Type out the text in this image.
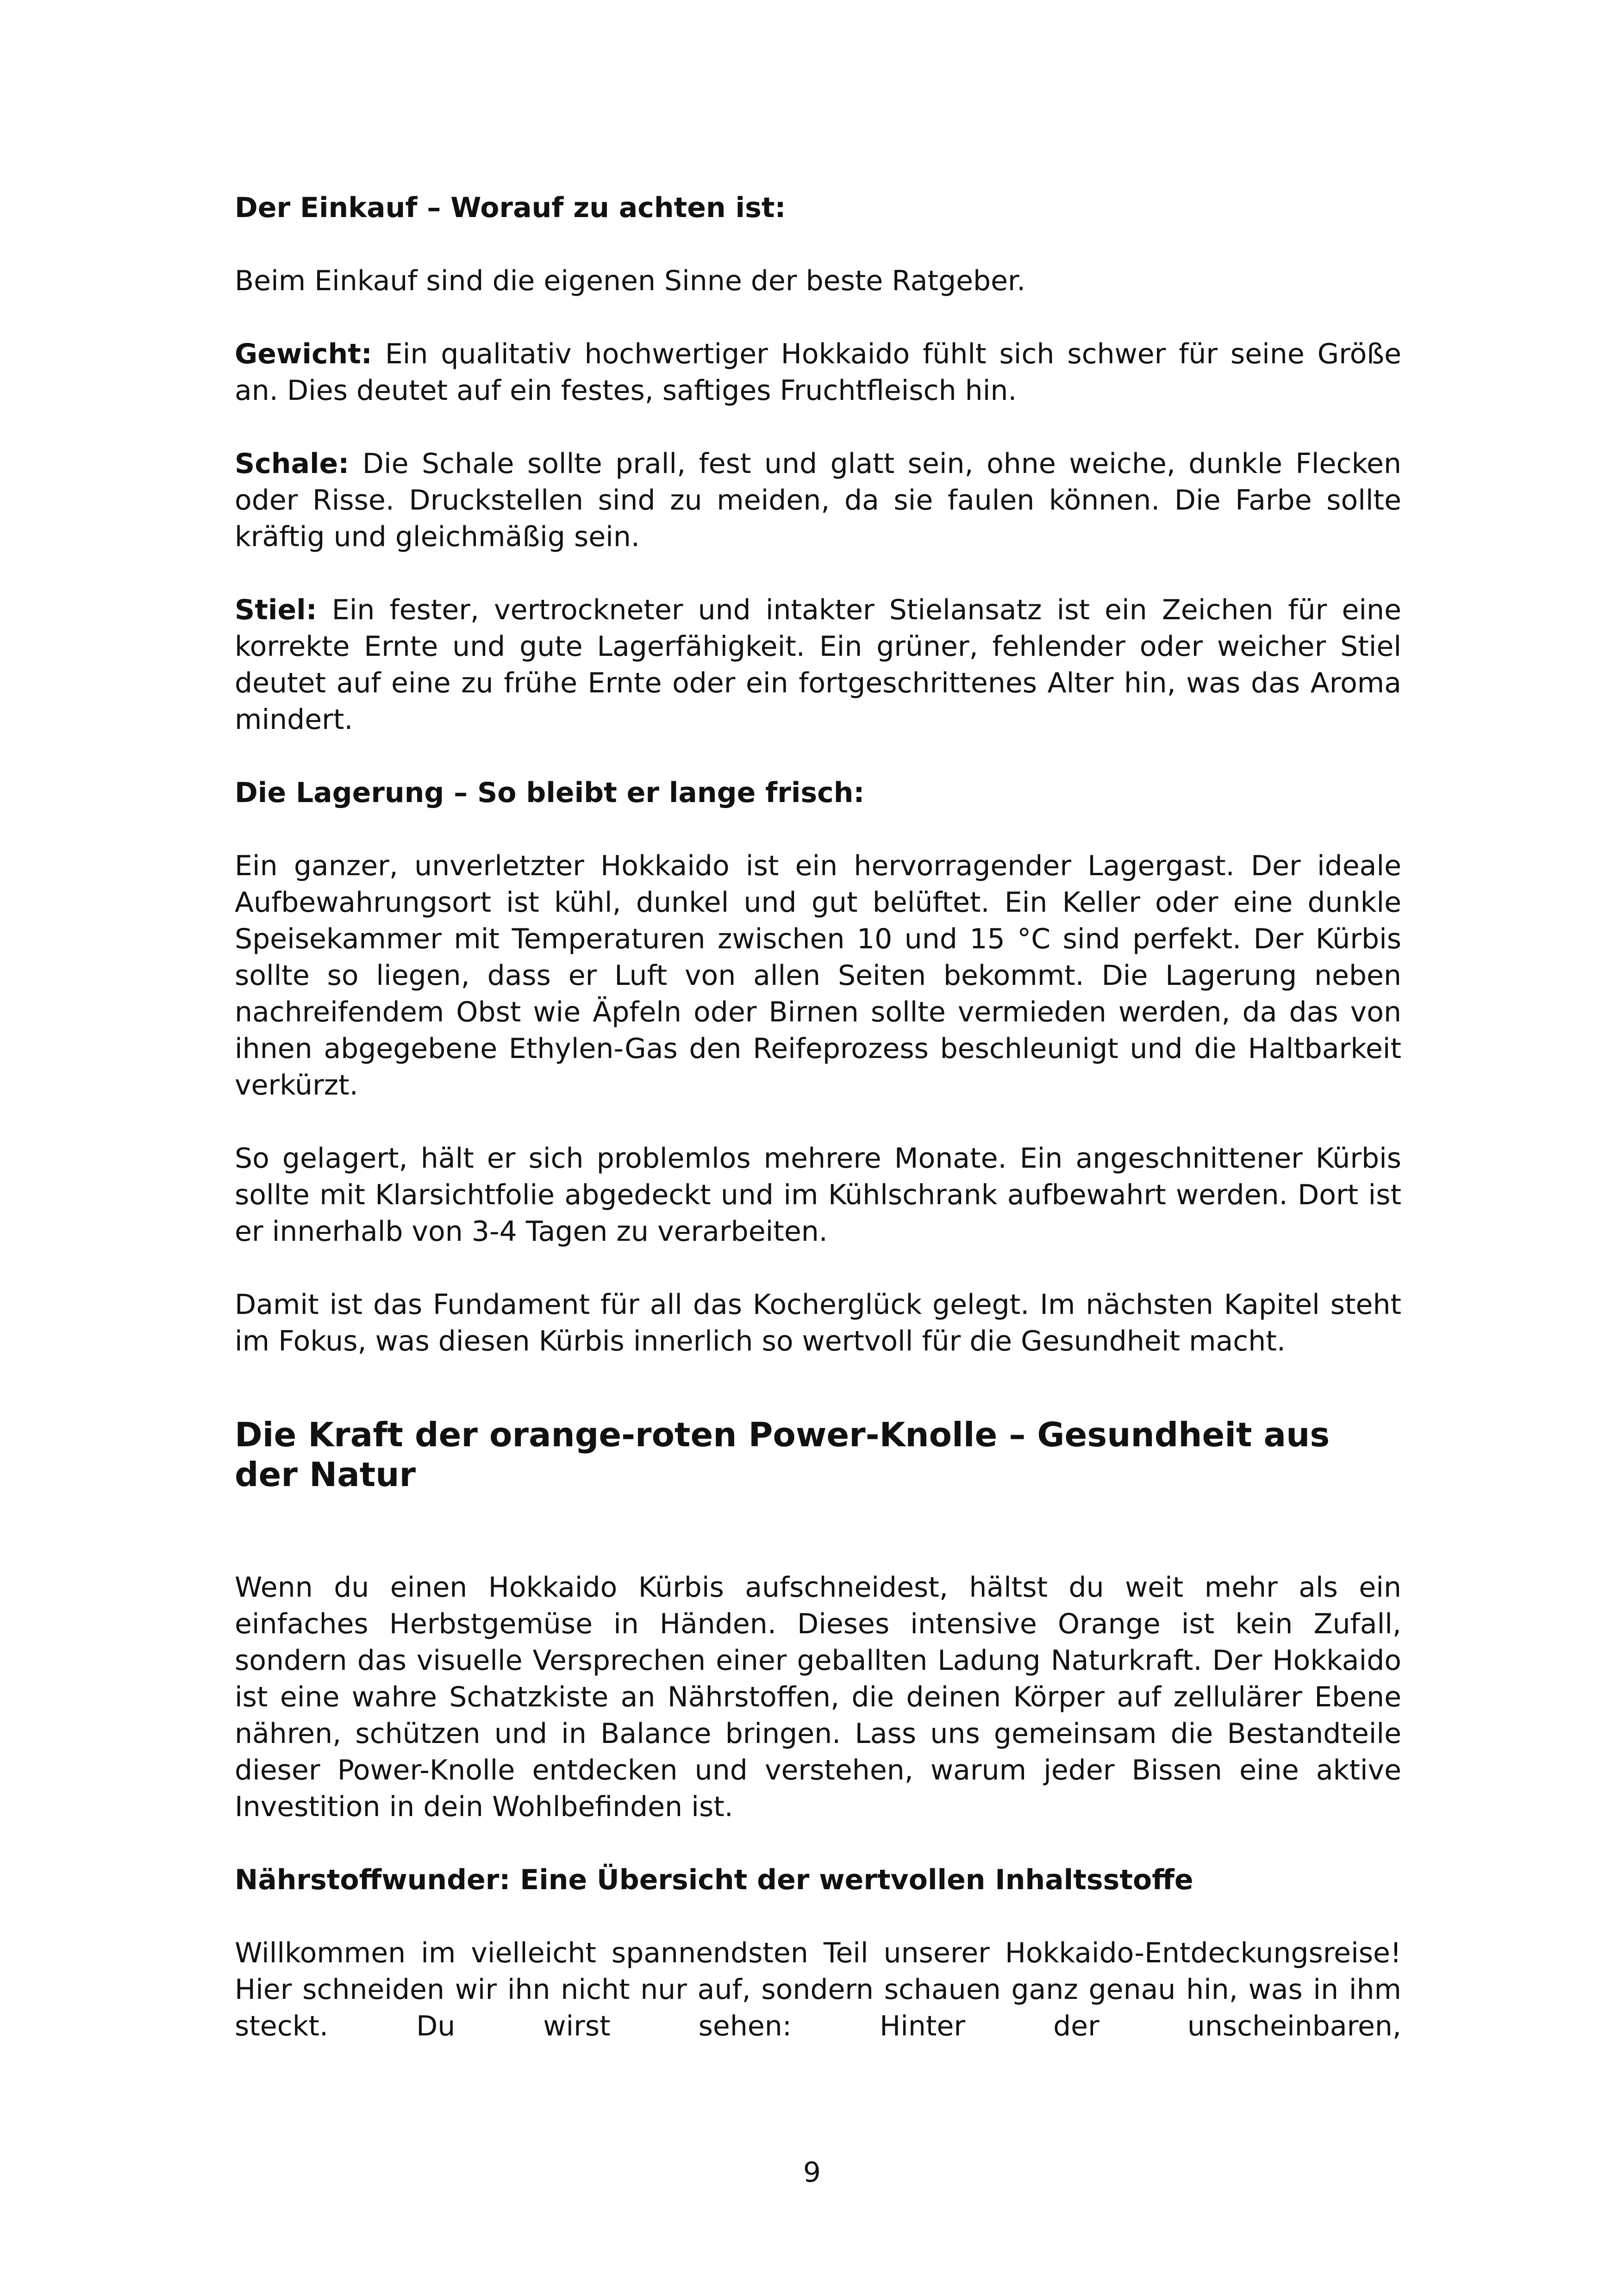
Der Einkauf – Worauf zu achten ist:

Beim Einkauf sind die eigenen Sinne der beste Ratgeber.

Gewicht: Ein qualitativ hochwertiger Hokkaido fühlt sich schwer für seine Größe an. Dies deutet auf ein festes, saftiges Fruchtfleisch hin.

Schale: Die Schale sollte prall, fest und glatt sein, ohne weiche, dunkle Flecken oder Risse. Druckstellen sind zu meiden, da sie faulen können. Die Farbe sollte kräftig und gleichmäßig sein.

Stiel: Ein fester, vertrockneter und intakter Stielansatz ist ein Zeichen für eine korrekte Ernte und gute Lagerfähigkeit. Ein grüner, fehlender oder weicher Stiel deutet auf eine zu frühe Ernte oder ein fortgeschrittenes Alter hin, was das Aroma mindert.

Die Lagerung – So bleibt er lange frisch:

Ein ganzer, unverletzter Hokkaido ist ein hervorragender Lagergast. Der ideale Aufbewahrungsort ist kühl, dunkel und gut belüftet. Ein Keller oder eine dunkle Speisekammer mit Temperaturen zwischen 10 und 15 °C sind perfekt. Der Kürbis sollte so liegen, dass er Luft von allen Seiten bekommt. Die Lagerung neben nachreifendem Obst wie Äpfeln oder Birnen sollte vermieden werden, da das von ihnen abgegebene Ethylen-Gas den Reifeprozess beschleunigt und die Haltbarkeit verkürzt.

So gelagert, hält er sich problemlos mehrere Monate. Ein angeschnittener Kürbis sollte mit Klarsichtfolie abgedeckt und im Kühlschrank aufbewahrt werden. Dort ist er innerhalb von 3-4 Tagen zu verarbeiten.

Damit ist das Fundament für all das Kocherglück gelegt. Im nächsten Kapitel steht im Fokus, was diesen Kürbis innerlich so wertvoll für die Gesundheit macht.

Die Kraft der orange-roten Power-Knolle – Gesundheit aus der Natur

Wenn du einen Hokkaido Kürbis aufschneidest, hältst du weit mehr als ein einfaches Herbstgemüse in Händen. Dieses intensive Orange ist kein Zufall, sondern das visuelle Versprechen einer geballten Ladung Naturkraft. Der Hokkaido ist eine wahre Schatzkiste an Nährstoffen, die deinen Körper auf zellulärer Ebene nähren, schützen und in Balance bringen. Lass uns gemeinsam die Bestandteile dieser Power-Knolle entdecken und verstehen, warum jeder Bissen eine aktive Investition in dein Wohlbefinden ist.

Nährstoffwunder: Eine Übersicht der wertvollen Inhaltsstoffe

Willkommen im vielleicht spannendsten Teil unserer Hokkaido-Entdeckungsreise! Hier schneiden wir ihn nicht nur auf, sondern schauen ganz genau hin, was in ihm steckt. Du wirst sehen: Hinter der unscheinbaren,

9
